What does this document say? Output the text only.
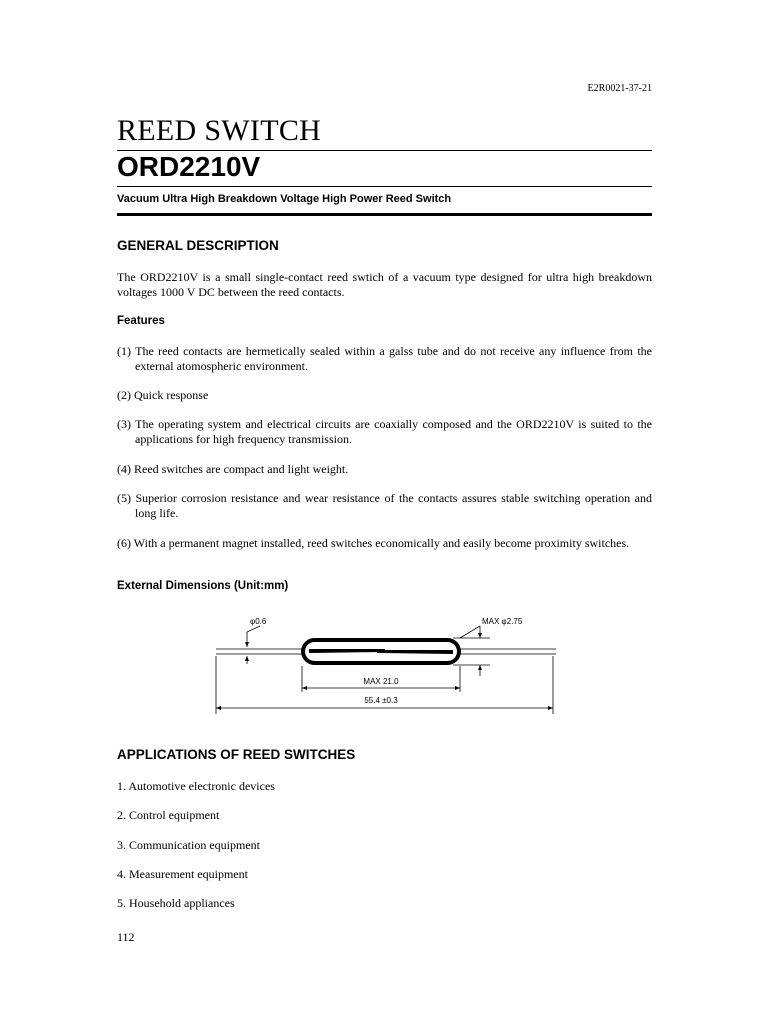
E2R0021-37-21
REED SWITCH
ORD2210V
Vacuum Ultra High Breakdown Voltage High Power Reed Switch
GENERAL DESCRIPTION
The ORD2210V is a small single-contact reed swtich of a vacuum type designed for ultra high breakdown voltages 1000 V DC between the reed contacts.
Features
(1) The reed contacts are hermetically sealed within a galss tube and do not receive any influence from the external atomospheric environment.
(2) Quick response
(3) The operating system and electrical circuits are coaxially composed and the ORD2210V is suited to the applications for high frequency transmission.
(4) Reed switches are compact and light weight.
(5) Superior corrosion resistance and wear resistance of the contacts assures stable switching operation and long life.
(6) With a permanent magnet installed, reed switches economically and easily become proximity switches.
External Dimensions (Unit:mm)
φ0.6	MAX φ2.75
MAX 21.0
55.4 ±0.3
APPLICATIONS OF REED SWITCHES
1. Automotive electronic devices
2. Control equipment
3. Communication equipment
4. Measurement equipment
5. Household appliances
112
